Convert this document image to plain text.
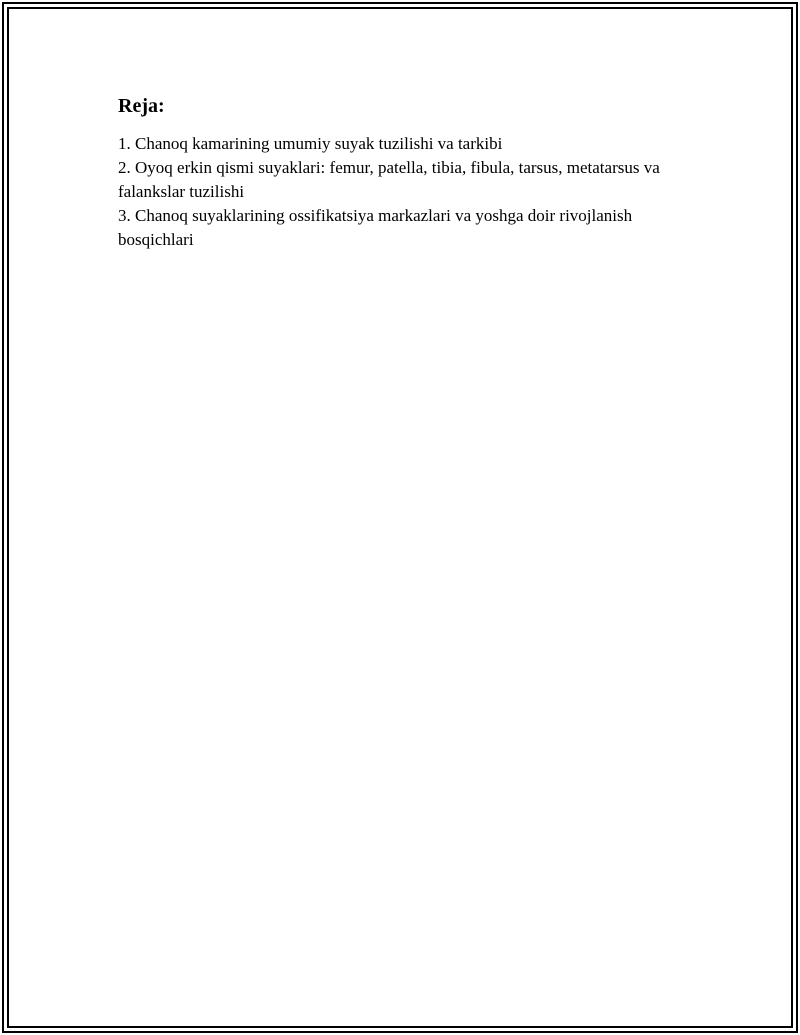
Reja:

1. Chanoq kamarining umumiy suyak tuzilishi va tarkibi

2. Oyoq erkin qismi suyaklari: femur, patella, tibia, fibula, tarsus, metatarsus va falankslar tuzilishi

3. Chanoq suyaklarining ossifikatsiya markazlari va yoshga doir rivojlanish bosqichlari
